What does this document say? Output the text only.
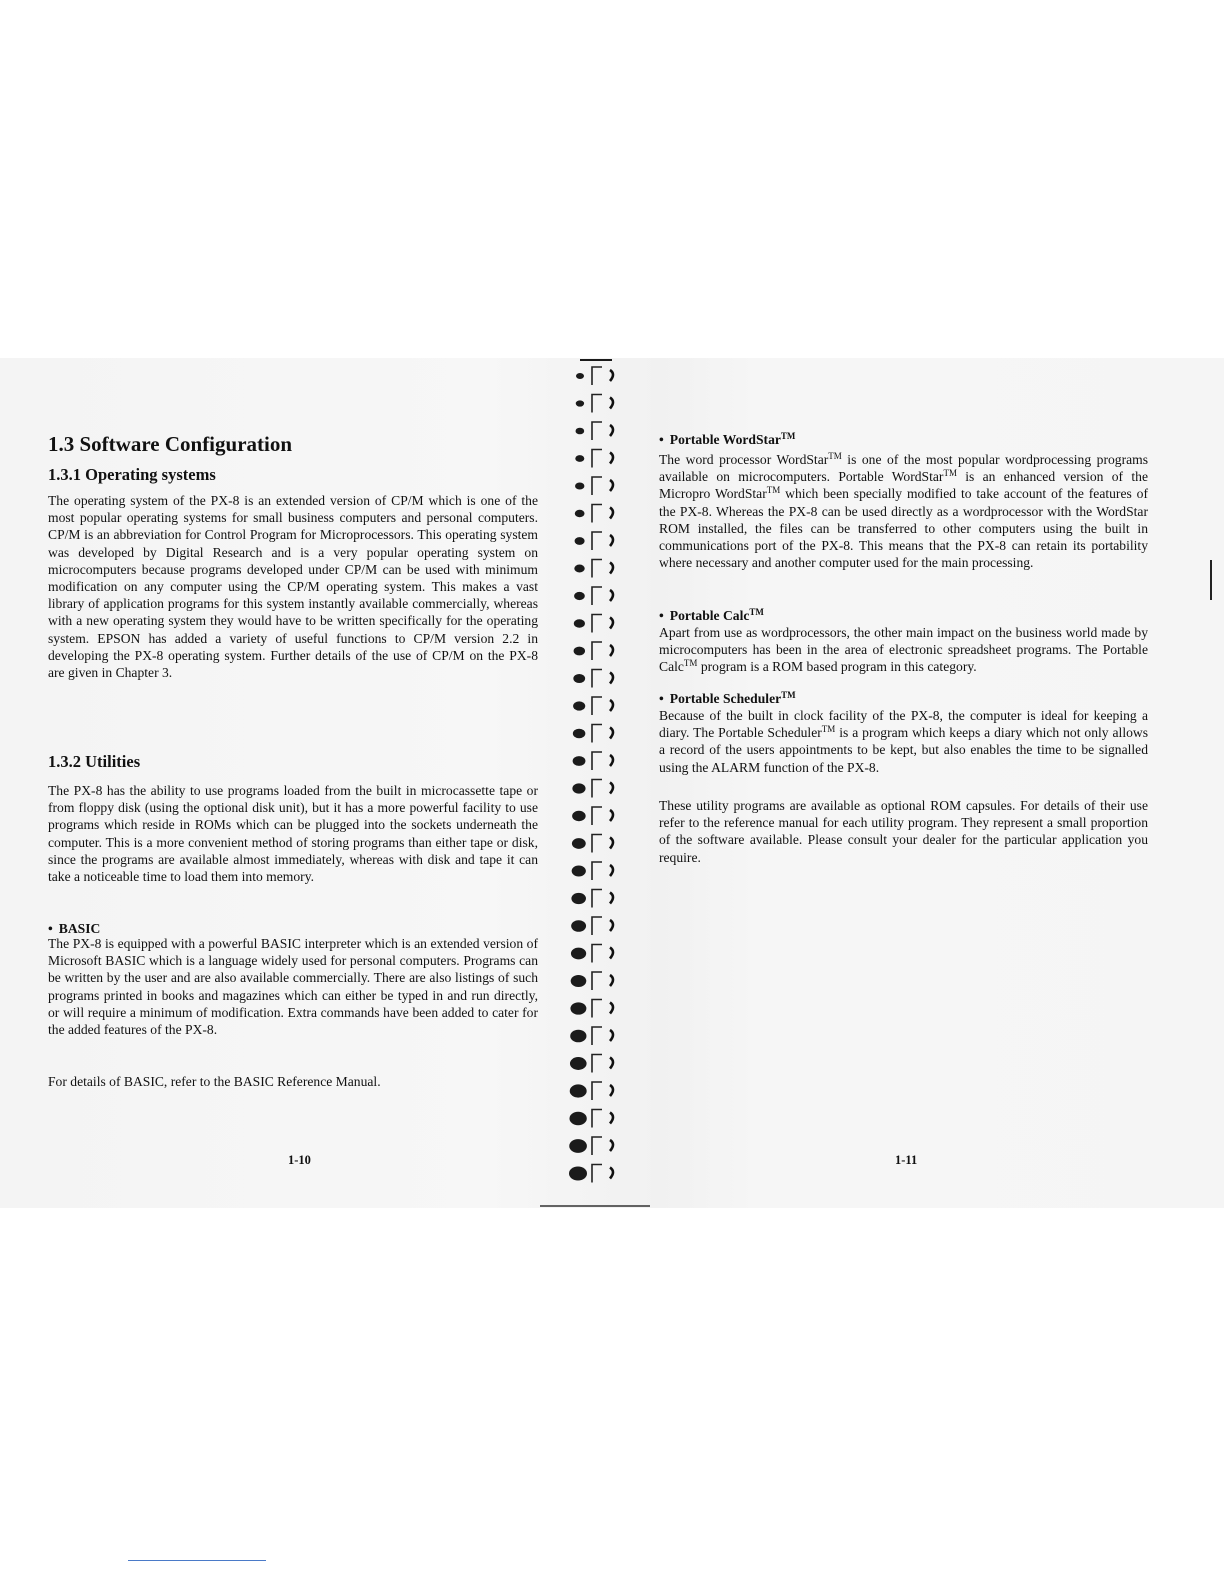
1.3 Software Configuration
1.3.1 Operating systems

The operating system of the PX-8 is an extended version of CP/M which is one of the most popular operating systems for small business computers and personal computers. CP/M is an abbreviation for Control Program for Microprocessors. This operating system was developed by Digital Research and is a very popular operating system on microcomputers because programs developed under CP/M can be used with minimum modification on any computer using the CP/M operating system. This makes a vast library of application programs for this system instantly available commercially, whereas with a new operating system they would have to be written specifically for the operating system. EPSON has added a variety of useful functions to CP/M version 2.2 in developing the PX-8 operating system. Further details of the use of CP/M on the PX-8 are given in Chapter 3.

1.3.2 Utilities

The PX-8 has the ability to use programs loaded from the built in microcassette tape or from floppy disk (using the optional disk unit), but it has a more powerful facility to use programs which reside in ROMs which can be plugged into the sockets underneath the computer. This is a more convenient method of storing programs than either tape or disk, since the programs are available almost immediately, whereas with disk and tape it can take a noticeable time to load them into memory.

• BASIC

The PX-8 is equipped with a powerful BASIC interpreter which is an extended version of Microsoft BASIC which is a language widely used for personal computers. Programs can be written by the user and are also available commercially. There are also listings of such programs printed in books and magazines which can either be typed in and run directly, or will require a minimum of modification. Extra commands have been added to cater for the added features of the PX-8.

For details of BASIC, refer to the BASIC Reference Manual.

1-10

• Portable WordStar™

The word processor WordStar™ is one of the most popular wordprocessing programs available on microcomputers. Portable WordStar™ is an enhanced version of the Micropro WordStar™ which been specially modified to take account of the features of the PX-8. Whereas the PX-8 can be used directly as a wordprocessor with the WordStar ROM installed, the files can be transferred to other computers using the built in communications port of the PX-8. This means that the PX-8 can retain its portability where necessary and another computer used for the main processing.

• Portable Calc™

Apart from use as wordprocessors, the other main impact on the business world made by microcomputers has been in the area of electronic spreadsheet programs. The Portable Calc™ program is a ROM based program in this category.

• Portable Scheduler™

Because of the built in clock facility of the PX-8, the computer is ideal for keeping a diary. The Portable Scheduler™ is a program which keeps a diary which not only allows a record of the users appointments to be kept, but also enables the time to be signalled using the ALARM function of the PX-8.

These utility programs are available as optional ROM capsules. For details of their use refer to the reference manual for each utility program. They represent a small proportion of the software available. Please consult your dealer for the particular application you require.

1-11
